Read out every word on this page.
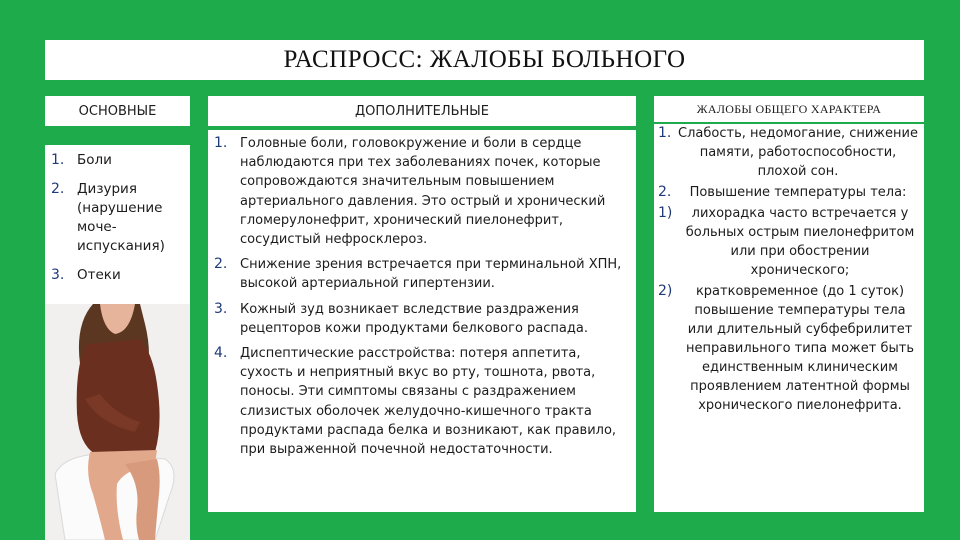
РАСПРОСС: ЖАЛОБЫ БОЛЬНОГО
ОСНОВНЫЕ	ДОПОЛНИТЕЛЬНЫЕ	ЖАЛОБЫ ОБЩЕГО ХАРАКТЕРА
1. Боли
2. Дизурия (нарушение моче-испускания)
3. Отеки
1. Головные боли, головокружение и боли в сердце наблюдаются при тех заболеваниях почек, которые сопровождаются значительным повышением артериального давления. Это острый и хронический гломерулонефрит, хронический пиелонефрит, сосудистый нефросклероз.
2. Снижение зрения встречается при терминальной ХПН, высокой артериальной гипертензии.
3. Кожный зуд возникает вследствие раздражения рецепторов кожи продуктами белкового распада.
4. Диспептические расстройства: потеря аппетита, сухость и неприятный вкус во рту, тошнота, рвота, поносы. Эти симптомы связаны с раздражением слизистых оболочек желудочно-кишечного тракта продуктами распада белка и возникают, как правило, при выраженной почечной недостаточности.
1. Слабость, недомогание, снижение памяти, работоспособности, плохой сон.
2.	Повышение температуры тела:
1)	лихорадка часто встречается у больных острым пиелонефритом или при обострении хронического;
2)	кратковременное (до 1 суток) повышение температуры тела или длительный субфебрилитет неправильного типа может быть единственным клиническим проявлением латентной формы хронического пиелонефрита.
